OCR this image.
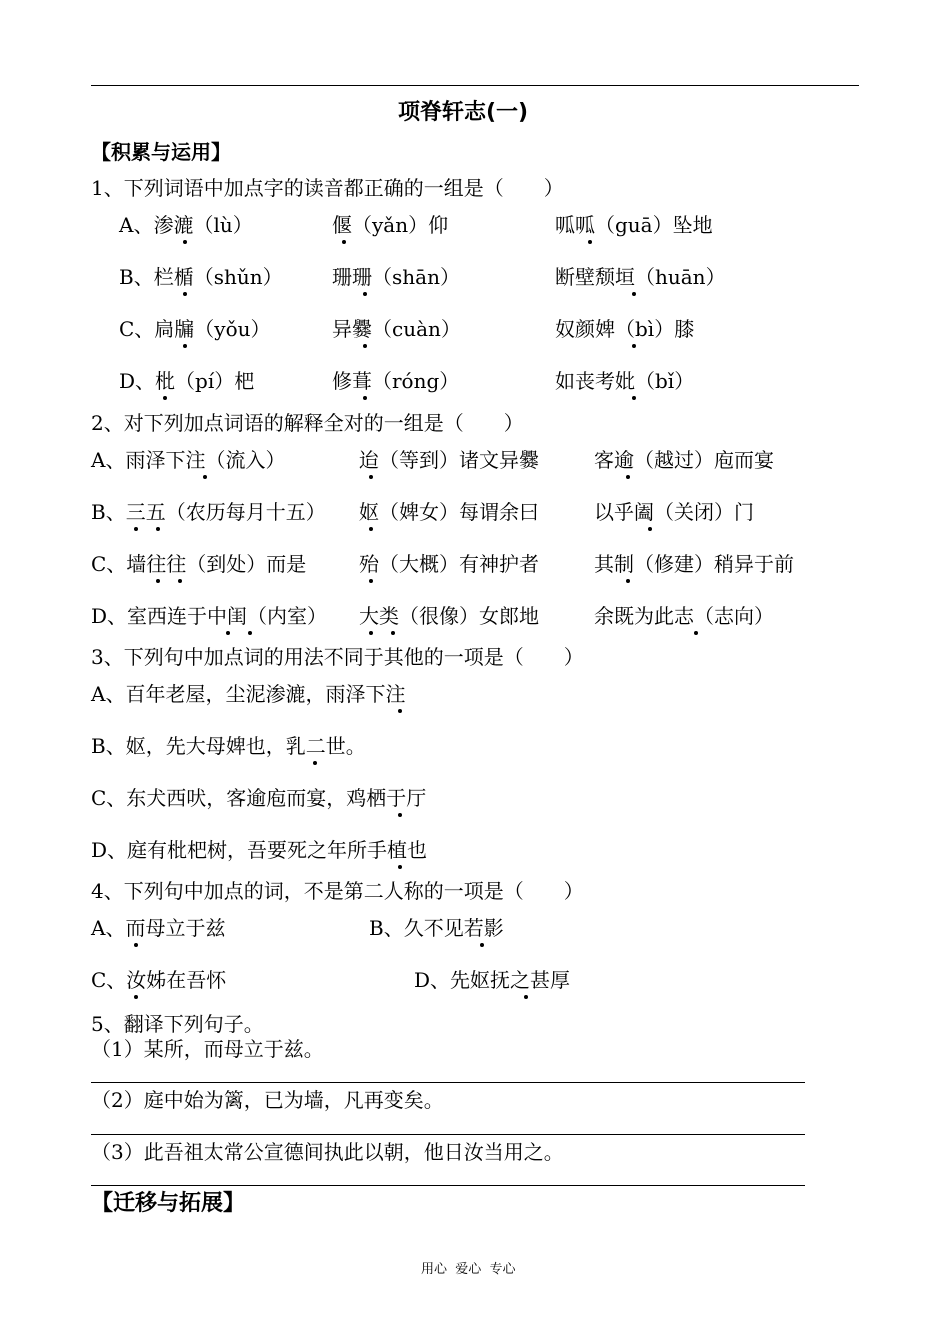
项脊轩志(一)
【积累与运用】
1、下列词语中加点字的读音都正确的一组是（　　）
A、渗漉（lù）	偃（yǎn）仰	呱呱（guā）坠地
B、栏楯（shǔn） 珊珊（shān）	断壁颓垣（huān）
C、扃牖（yǒu）	异爨（cuàn）	奴颜婢（bì）膝
D、枇（pí）杷	修葺（róng）	如丧考妣（bǐ）
2、对下列加点词语的解释全对的一组是（　　）
A、雨泽下注（流入）	迨（等到）诸文异爨	客逾（越过）庖而宴
B、三五（农历每月十五） 妪（婢女）每谓余曰	以乎阖（关闭）门
C、墙往往（到处）而是	殆（大概）有神护者	其制（修建）稍异于前
D、室西连于中闺（内室） 大类（很像）女郎地	余既为此志（志向）
3、下列句中加点词的用法不同于其他的一项是（　　）
A、百年老屋，尘泥渗漉，雨泽下注
B、妪，先大母婢也，乳二世。
C、东犬西吠，客逾庖而宴，鸡栖于厅
D、庭有枇杷树，吾要死之年所手植也
4、下列句中加点的词，不是第二人称的一项是（　　）
A、而母立于兹	B、久不见若影
C、汝姊在吾怀	D、先妪抚之甚厚
5、翻译下列句子。
（1）某所，而母立于兹。
（2）庭中始为篱，已为墙，凡再变矣。
（3）此吾祖太常公宣德间执此以朝，他日汝当用之。
【迁移与拓展】
用心  爱心  专心
